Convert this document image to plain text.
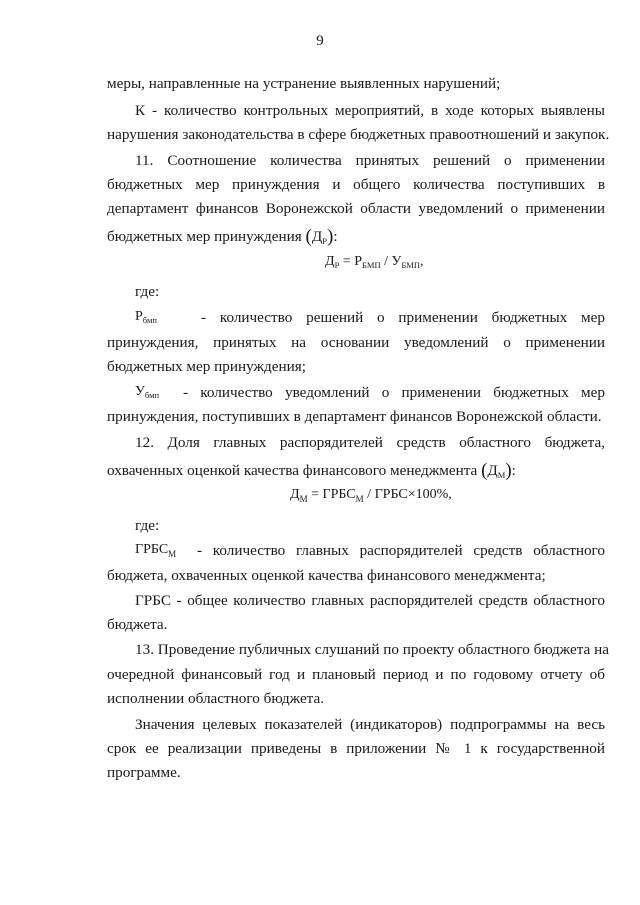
9
меры, направленные на устранение выявленных нарушений;
К - количество контрольных мероприятий, в ходе которых выявлены
нарушения законодательства в сфере бюджетных правоотношений и закупок.
11. Соотношение количества принятых решений о применении
бюджетных мер принуждения и общего количества поступивших в
департамент финансов Воронежской области уведомлений о применении
бюджетных мер принуждения $(Д_Р)$:
$Д_Р = Р_{БМП} / У_{БМП}$,
где:
$Р_{бмп}$	- количество решений о применении бюджетных мер
принуждения, принятых на основании уведомлений о применении
бюджетных мер принуждения;
$У_{бмп}$ - количество уведомлений о применении бюджетных мер
принуждения, поступивших в департамент финансов Воронежской области.
12. Доля главных распорядителей средств областного бюджета,
охваченных оценкой качества финансового менеджмента $(Д_М)$:
$Д_М$ = $ГРБС_М$ / ГРБС×100%,
где:
$ГРБС_М$ - количество главных распорядителей средств областного
бюджета, охваченных оценкой качества финансового менеджмента;
ГРБС - общее количество главных распорядителей средств областного
бюджета.
13. Проведение публичных слушаний по проекту областного бюджета на
очередной финансовый год и плановый период и по годовому отчету об
исполнении областного бюджета.
Значения целевых показателей (индикаторов) подпрограммы на весь
срок ее реализации приведены в приложении № 1 к государственной
программе.
